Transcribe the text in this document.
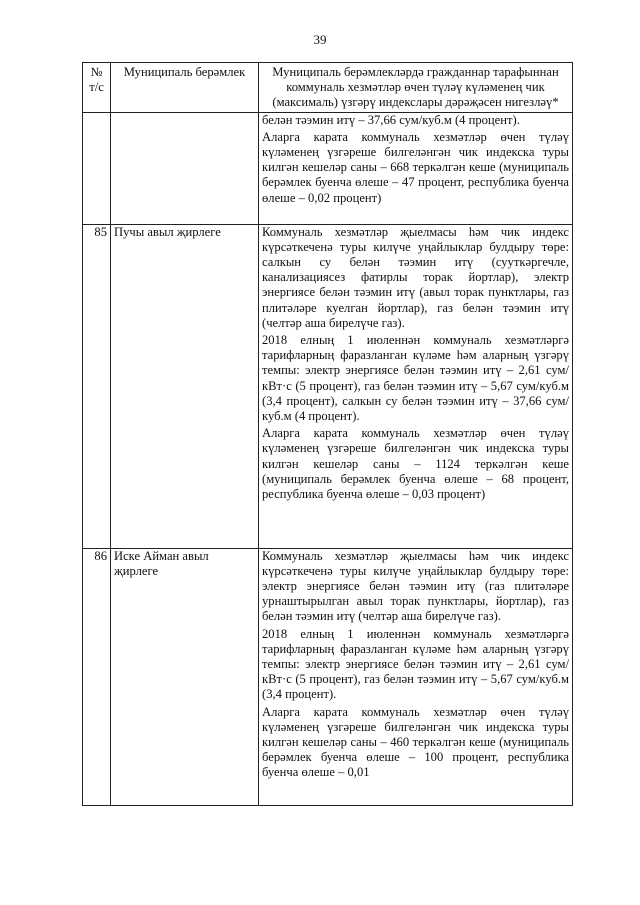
39
№ т/с	Муниципаль берәмлек	Муниципаль берәмлекләрдә гражданнар тарафыннан коммуналь хезмәтләр өчен түләү күләменең чик (максималь) үзгәрү индекслары дәрәҗәсен нигезләү*

		белән тәэмин итү – 37,66 сум/куб.м (4 процент).
Аларга карата коммуналь хезмәтләр өчен түләү күләменең үзгәреше билгеләнгән чик индекска туры килгән кешеләр саны – 668 теркәлгән кеше (муниципаль берәмлек буенча өлеше – 47 процент, республика буенча өлеше – 0,02 процент)

85	Пучы авыл җирлеге	Коммуналь хезмәтләр җыелмасы һәм чик индекс күрсәткеченә туры килүче уңайлыклар булдыру төре: салкын су белән тәэмин итү (сууткәргечле, канализациясез фатирлы торак йортлар), электр энергиясе белән тәэмин итү (авыл торак пунктлары, газ плитәләре куелган йортлар), газ белән тәэмин итү (челтәр аша бирелүче газ).
2018 елның 1 июленнән коммуналь хезмәтләргә тарифларның фаразланган күләме һәм аларның үзгәрү темпы: электр энергиясе белән тәэмин итү – 2,61 сум/кВт·с (5 процент), газ белән тәэмин итү – 5,67 сум/куб.м (3,4 процент), салкын су белән тәэмин итү – 37,66 сум/куб.м (4 процент).
Аларга карата коммуналь хезмәтләр өчен түләү күләменең үзгәреше билгеләнгән чик индекска туры килгән кешеләр саны – 1124 теркәлгән кеше (муниципаль берәмлек буенча өлеше – 68 процент, республика буенча өлеше – 0,03 процент)

86	Иске Айман авыл җирлеге	Коммуналь хезмәтләр җыелмасы һәм чик индекс күрсәткеченә туры килүче уңайлыклар булдыру төре: электр энергиясе белән тәэмин итү (газ плитәләре урнаштырылган авыл торак пунктлары, йортлар), газ белән тәэмин итү (челтәр аша бирелүче газ).
2018 елның 1 июленнән коммуналь хезмәтләргә тарифларның фаразланган күләме һәм аларның үзгәрү темпы: электр энергиясе белән тәэмин итү – 2,61 сум/кВт·с (5 процент), газ белән тәэмин итү – 5,67 сум/куб.м (3,4 процент).
Аларга карата коммуналь хезмәтләр өчен түләү күләменең үзгәреше билгеләнгән чик индекска туры килгән кешеләр саны – 460 теркәлгән кеше (муниципаль берәмлек буенча өлеше – 100 процент, республика буенча өлеше – 0,01
